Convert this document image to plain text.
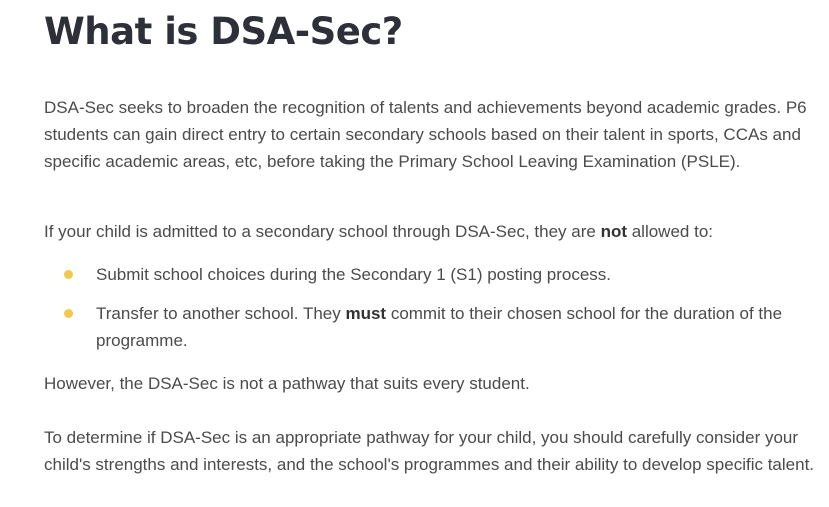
What is DSA-Sec?

DSA-Sec seeks to broaden the recognition of talents and achievements beyond academic grades. P6 students can gain direct entry to certain secondary schools based on their talent in sports, CCAs and specific academic areas, etc, before taking the Primary School Leaving Examination (PSLE).

If your child is admitted to a secondary school through DSA-Sec, they are not allowed to:

Submit school choices during the Secondary 1 (S1) posting process.

Transfer to another school. They must commit to their chosen school for the duration of the programme.

However, the DSA-Sec is not a pathway that suits every student.

To determine if DSA-Sec is an appropriate pathway for your child, you should carefully consider your child's strengths and interests, and the school's programmes and their ability to develop specific talent.
